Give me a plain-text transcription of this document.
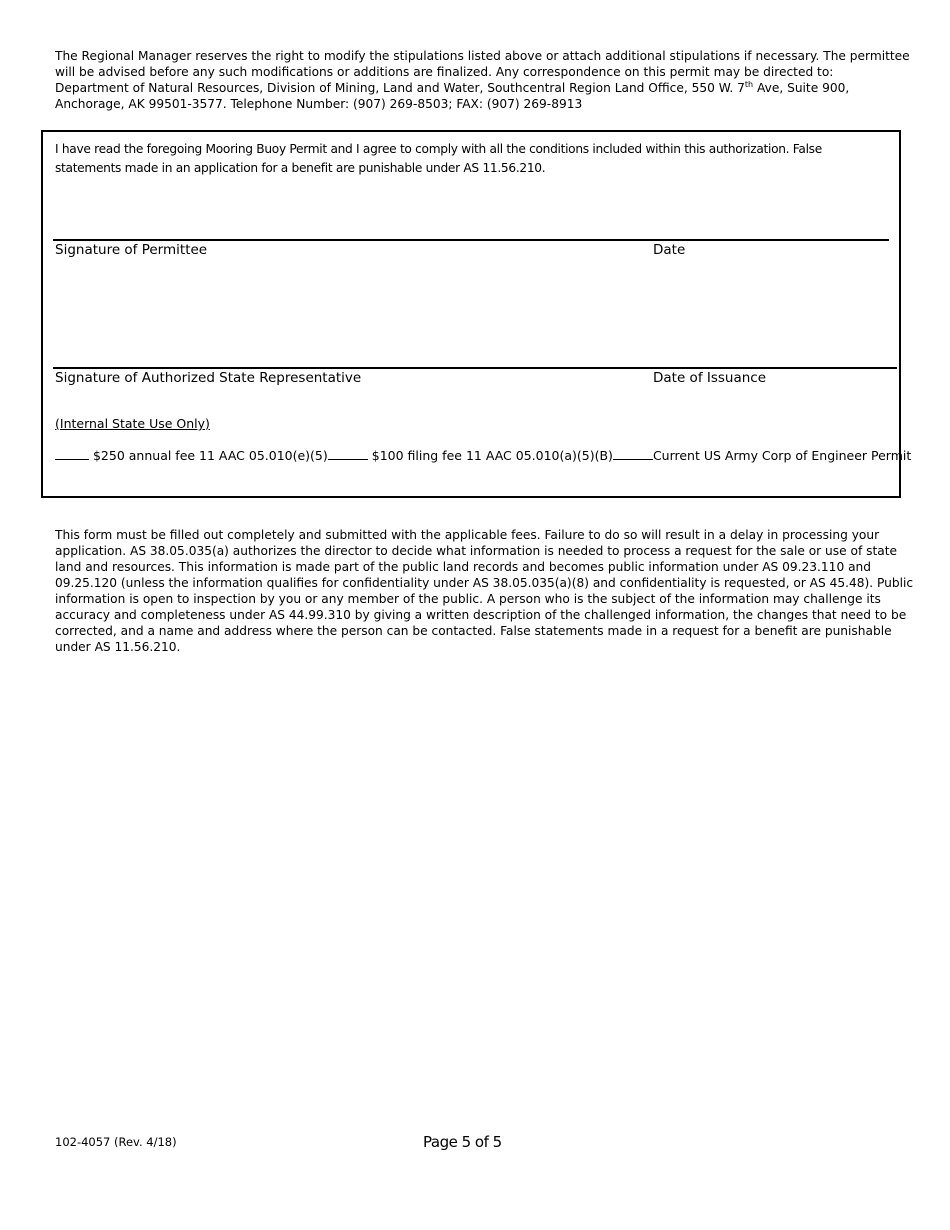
The Regional Manager reserves the right to modify the stipulations listed above or attach additional stipulations if necessary. The permittee will be advised before any such modifications or additions are finalized. Any correspondence on this permit may be directed to: Department of Natural Resources, Division of Mining, Land and Water, Southcentral Region Land Office, 550 W. 7th Ave, Suite 900, Anchorage, AK 99501-3577. Telephone Number: (907) 269-8503; FAX: (907) 269-8913

I have read the foregoing Mooring Buoy Permit and I agree to comply with all the conditions included within this authorization. False statements made in an application for a benefit are punishable under AS 11.56.210.

Signature of Permittee	Date
Signature of Authorized State Representative	Date of Issuance
(Internal State Use Only)
$250 annual fee 11 AAC 05.010(e)(5)	$100 filing fee 11 AAC 05.010(a)(5)(B)	Current US Army Corp of Engineer Permit

This form must be filled out completely and submitted with the applicable fees. Failure to do so will result in a delay in processing your application. AS 38.05.035(a) authorizes the director to decide what information is needed to process a request for the sale or use of state land and resources. This information is made part of the public land records and becomes public information under AS 09.23.110 and 09.25.120 (unless the information qualifies for confidentiality under AS 38.05.035(a)(8) and confidentiality is requested, or AS 45.48). Public information is open to inspection by you or any member of the public. A person who is the subject of the information may challenge its accuracy and completeness under AS 44.99.310 by giving a written description of the challenged information, the changes that need to be corrected, and a name and address where the person can be contacted. False statements made in a request for a benefit are punishable under AS 11.56.210.

102-4057 (Rev. 4/18)	Page 5 of 5
